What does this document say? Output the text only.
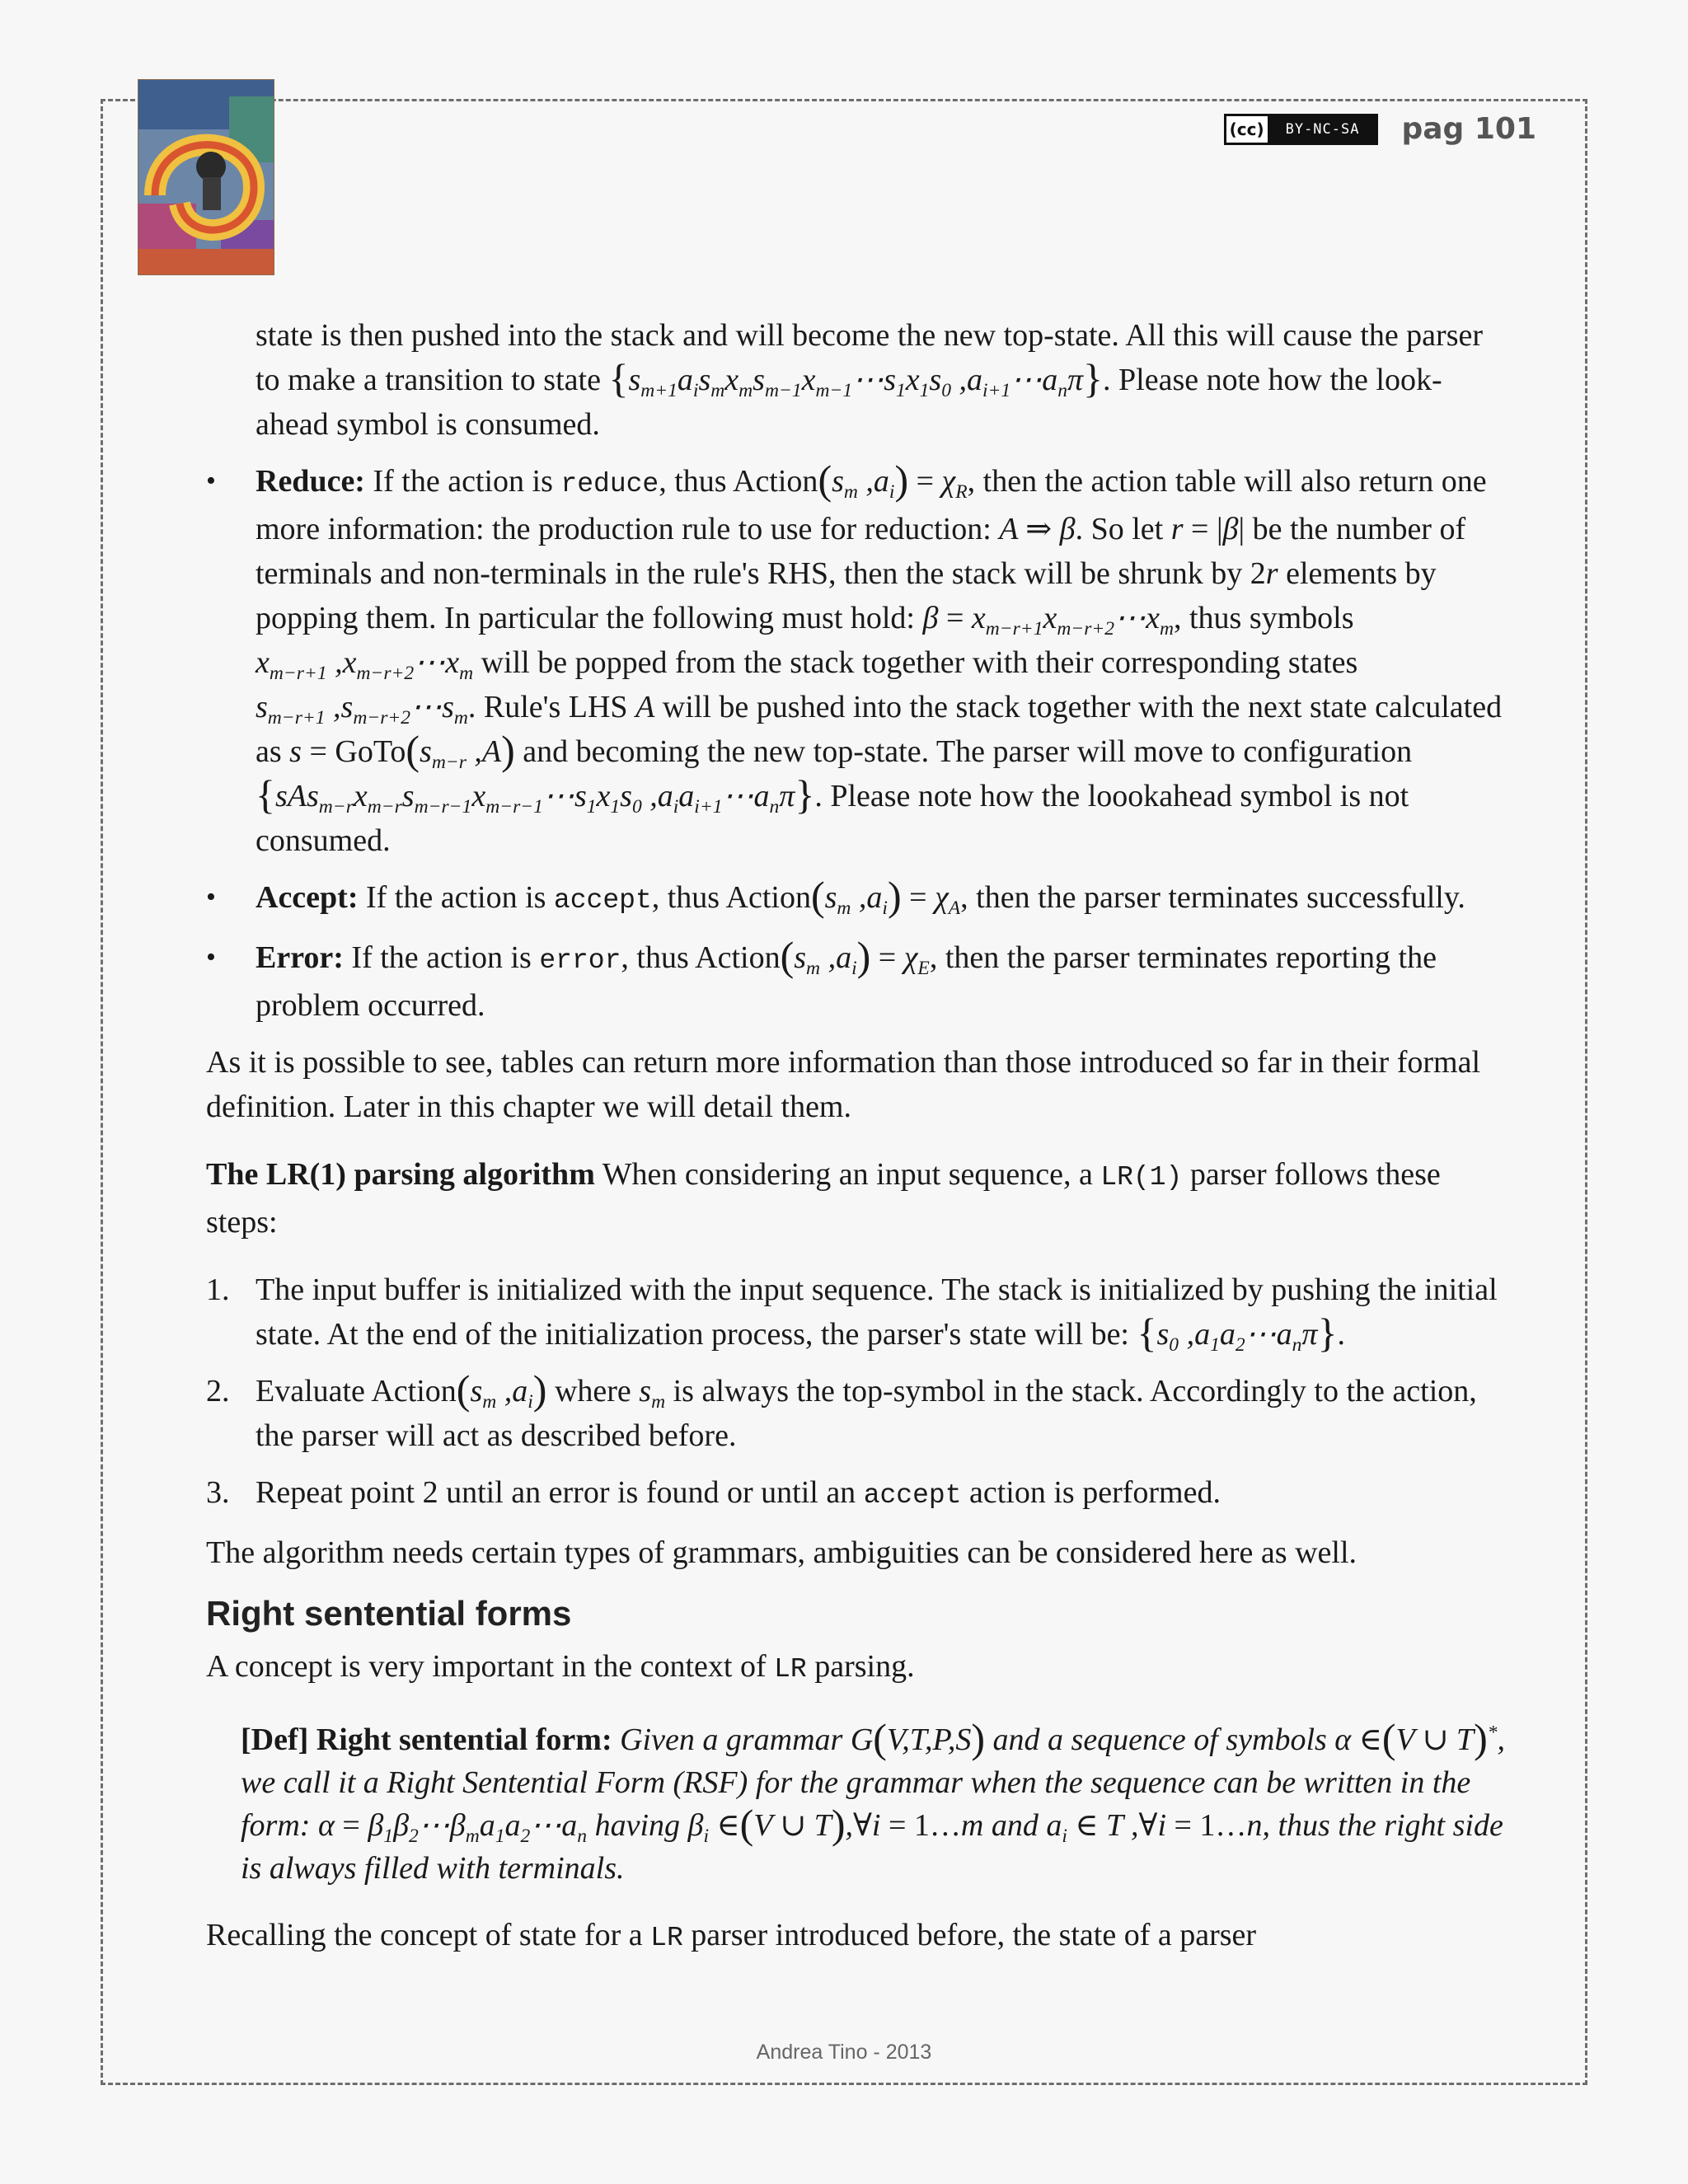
(cc)	BY-NC-SA	pag 101

state is then pushed into the stack and will become the new top-state. All this will cause the parser to make a transition to state {$s_{m+1}a_is_mx_ms_{m-1}x_{m-1}\cdots s_1x_1s_0$ $,a_{i+1}\cdots a_n\pi$}. Please note how the look-ahead symbol is consumed.

• Reduce: If the action is reduce, thus $Action(s_m$ $,a_i) = \chi_R$, then the action table will also return one more information: the production rule to use for reduction: A ⇒ β. So let r = |β| be the number of terminals and non-terminals in the rule's RHS, then the stack will be shrunk by 2r elements by popping them. In particular the following must hold: $\beta = x_{m-r+1}x_{m-r+2}\cdots x_m$, thus symbols $x_{m-r+1}$ $,x_{m-r+2}\cdots x_m$ will be popped from the stack together with their corresponding states $s_{m-r+1}$ $,s_{m-r+2}\cdots s_m$. Rule's LHS A will be pushed into the stack together with the next state calculated as $s = GoTo(s_{m-r}$ ,A) and becoming the new top-state. The parser will move to configuration {$sAs_{m-r}x_{m-r}s_{m-r-1}x_{m-r-1}\cdots s_1x_1s_0$ $,a_ia_{i+1}\cdots a_n\pi$}. Please note how the loookahead symbol is not consumed.
• Accept: If the action is accept, thus $Action(s_m$ $,a_i) = \chi_A$, then the parser terminates successfully.
• Error: If the action is error, thus $Action(s_m$ $,a_i) = \chi_E$, then the parser terminates reporting the problem occurred.

As it is possible to see, tables can return more information than those introduced so far in their formal definition. Later in this chapter we will detail them.

The LR(1) parsing algorithm When considering an input sequence, a LR(1) parser follows these steps:

1. The input buffer is initialized with the input sequence. The stack is initialized by pushing the initial state. At the end of the initialization process, the parser's state will be: {$s_0$ $,a_1a_2\cdots a_n\pi$}.
2. Evaluate $Action(s_m$ $,a_i$) where $s_m$ is always the top-symbol in the stack. Accordingly to the action, the parser will act as described before.
3. Repeat point 2 until an error is found or until an accept action is performed.

The algorithm needs certain types of grammars, ambiguities can be considered here as well.

Right sentential forms

A concept is very important in the context of LR parsing.

[Def] Right sentential form: Given a grammar G(V,T,P,S) and a sequence of symbols α ∈(V ∪ T)*, we call it a Right Sentential Form (RSF) for the grammar when the sequence can be written in the form: $\alpha = \beta_1\beta_2\cdots\beta_ma_1a_2\cdots a_n$ having $\beta_i$ ∈(V ∪ T),∀i = 1…m and $a_i$ ∈ T ,∀i = 1…n, thus the right side is always filled with terminals.

Recalling the concept of state for a LR parser introduced before, the state of a parser

Andrea Tino - 2013
